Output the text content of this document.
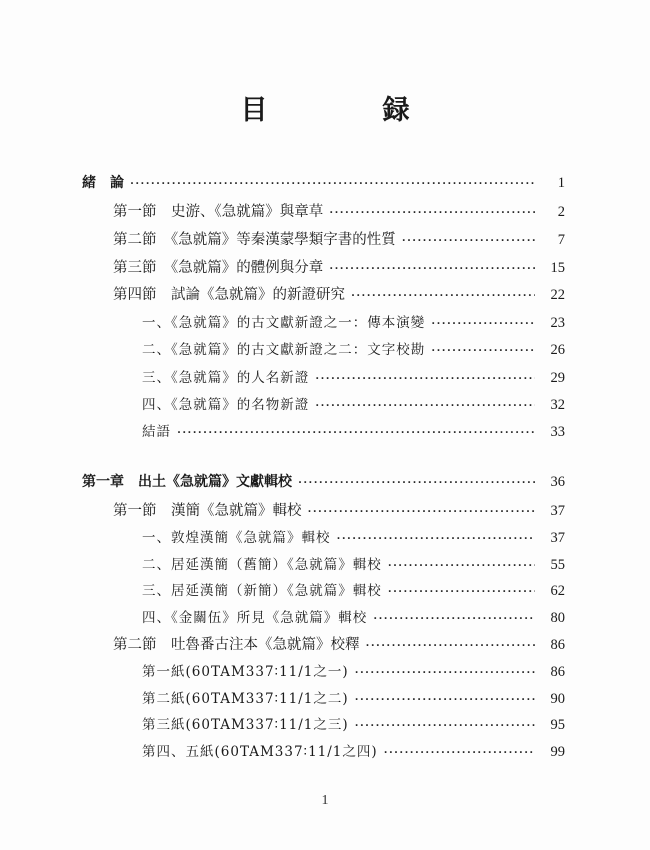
目　録
緒　論 ·····	1
第一節　史游、《急就篇》與章草 ·····	2
第二節　《急就篇》等秦漢蒙學類字書的性質 ·····	7
第三節　《急就篇》的體例與分章 ·····	15
第四節　試論《急就篇》的新證研究 ·····	22
一、《急就篇》的古文獻新證之一：傳本演變 ·····	23
二、《急就篇》的古文獻新證之二：文字校勘 ·····	26
三、《急就篇》的人名新證 ·····	29
四、《急就篇》的名物新證 ·····	32
結語 ·····	33
第一章　出土《急就篇》文獻輯校 ·····	36
第一節　漢簡《急就篇》輯校 ·····	37
一、敦煌漢簡《急就篇》輯校 ·····	37
二、居延漢簡（舊簡）《急就篇》輯校 ·····	55
三、居延漢簡（新簡）《急就篇》輯校 ·····	62
四、《金關伍》所見《急就篇》輯校 ·····	80
第二節　吐魯番古注本《急就篇》校釋 ·····	86
第一紙(60TAM337∶11/1之一) ·····	86
第二紙(60TAM337∶11/1之二) ·····	90
第三紙(60TAM337∶11/1之三) ·····	95
第四、五紙(60TAM337∶11/1之四) ·····	99
1
